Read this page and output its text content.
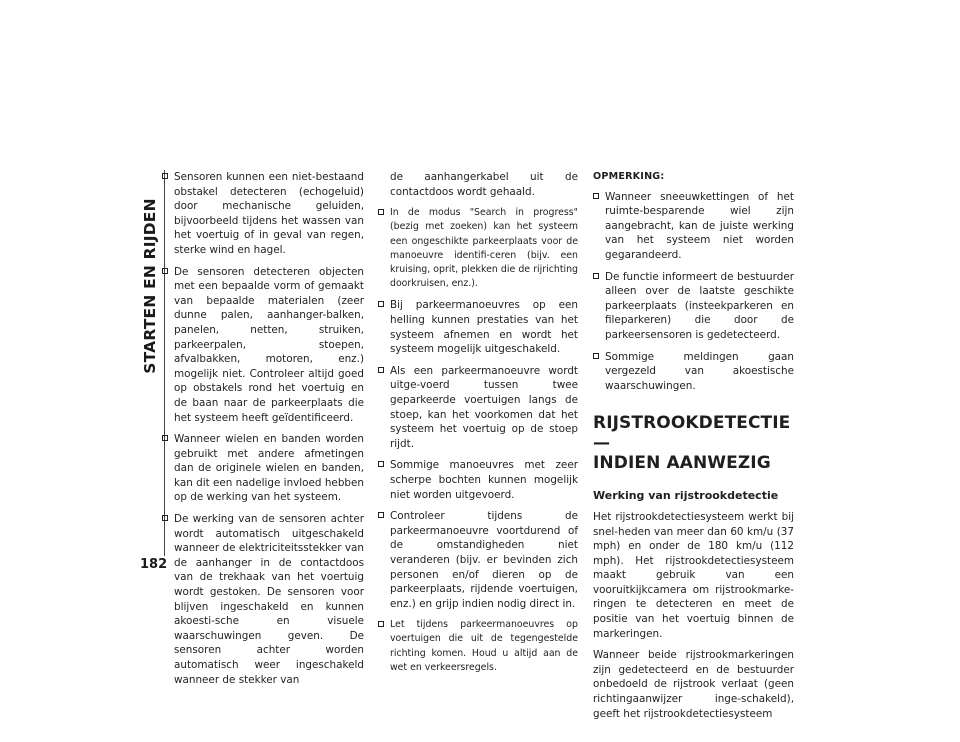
STARTEN EN RIJDEN
182
Sensoren kunnen een niet-bestaand obstakel detecteren (echogeluid) door mechanische geluiden, bijvoorbeeld tijdens het wassen van het voertuig of in geval van regen, sterke wind en hagel.
De sensoren detecteren objecten met een bepaalde vorm of gemaakt van bepaalde materialen (zeer dunne palen, aanhanger-balken, panelen, netten, struiken, parkeerpalen, stoepen, afvalbakken, motoren, enz.) mogelijk niet. Controleer altijd goed op obstakels rond het voertuig en de baan naar de parkeerplaats die het systeem heeft geïdentificeerd.
Wanneer wielen en banden worden gebruikt met andere afmetingen dan de originele wielen en banden, kan dit een nadelige invloed hebben op de werking van het systeem.
De werking van de sensoren achter wordt automatisch uitgeschakeld wanneer de elektriciteitsstekker van de aanhanger in de contactdoos van de trekhaak van het voertuig wordt gestoken. De sensoren voor blijven ingeschakeld en kunnen akoesti-sche en visuele waarschuwingen geven. De sensoren achter worden automatisch weer ingeschakeld wanneer de stekker van
de aanhangerkabel uit de contactdoos wordt gehaald.
In de modus "Search in progress" (bezig met zoeken) kan het systeem een ongeschikte parkeerplaats voor de manoeuvre identifi-ceren (bijv. een kruising, oprit, plekken die de rijrichting doorkruisen, enz.).
Bij parkeermanoeuvres op een helling kunnen prestaties van het systeem afnemen en wordt het systeem mogelijk uitgeschakeld.
Als een parkeermanoeuvre wordt uitge-voerd tussen twee geparkeerde voertuigen langs de stoep, kan het voorkomen dat het systeem het voertuig op de stoep rijdt.
Sommige manoeuvres met zeer scherpe bochten kunnen mogelijk niet worden uitgevoerd.
Controleer tijdens de parkeermanoeuvre voortdurend of de omstandigheden niet veranderen (bijv. er bevinden zich personen en/of dieren op de parkeerplaats, rijdende voertuigen, enz.) en grijp indien nodig direct in.
Let tijdens parkeermanoeuvres op voertuigen die uit de tegengestelde richting komen. Houd u altijd aan de wet en verkeersregels.
OPMERKING:
Wanneer sneeuwkettingen of het ruimte-besparende wiel zijn aangebracht, kan de juiste werking van het systeem niet worden gegarandeerd.
De functie informeert de bestuurder alleen over de laatste geschikte parkeerplaats (insteekparkeren en fileparkeren) die door de parkeersensoren is gedetecteerd.
Sommige meldingen gaan vergezeld van akoestische waarschuwingen.
RIJSTROOKDETECTIE —
INDIEN AANWEZIG
Werking van rijstrookdetectie
Het rijstrookdetectiesysteem werkt bij snel-heden van meer dan 60 km/u (37 mph) en onder de 180 km/u (112 mph). Het rijstrookdetectiesysteem maakt gebruik van een vooruitkijkcamera om rijstrookmarke-ringen te detecteren en meet de positie van het voertuig binnen de markeringen.
Wanneer beide rijstrookmarkeringen zijn gedetecteerd en de bestuurder onbedoeld de rijstrook verlaat (geen richtingaanwijzer inge-schakeld), geeft het rijstrookdetectiesysteem
